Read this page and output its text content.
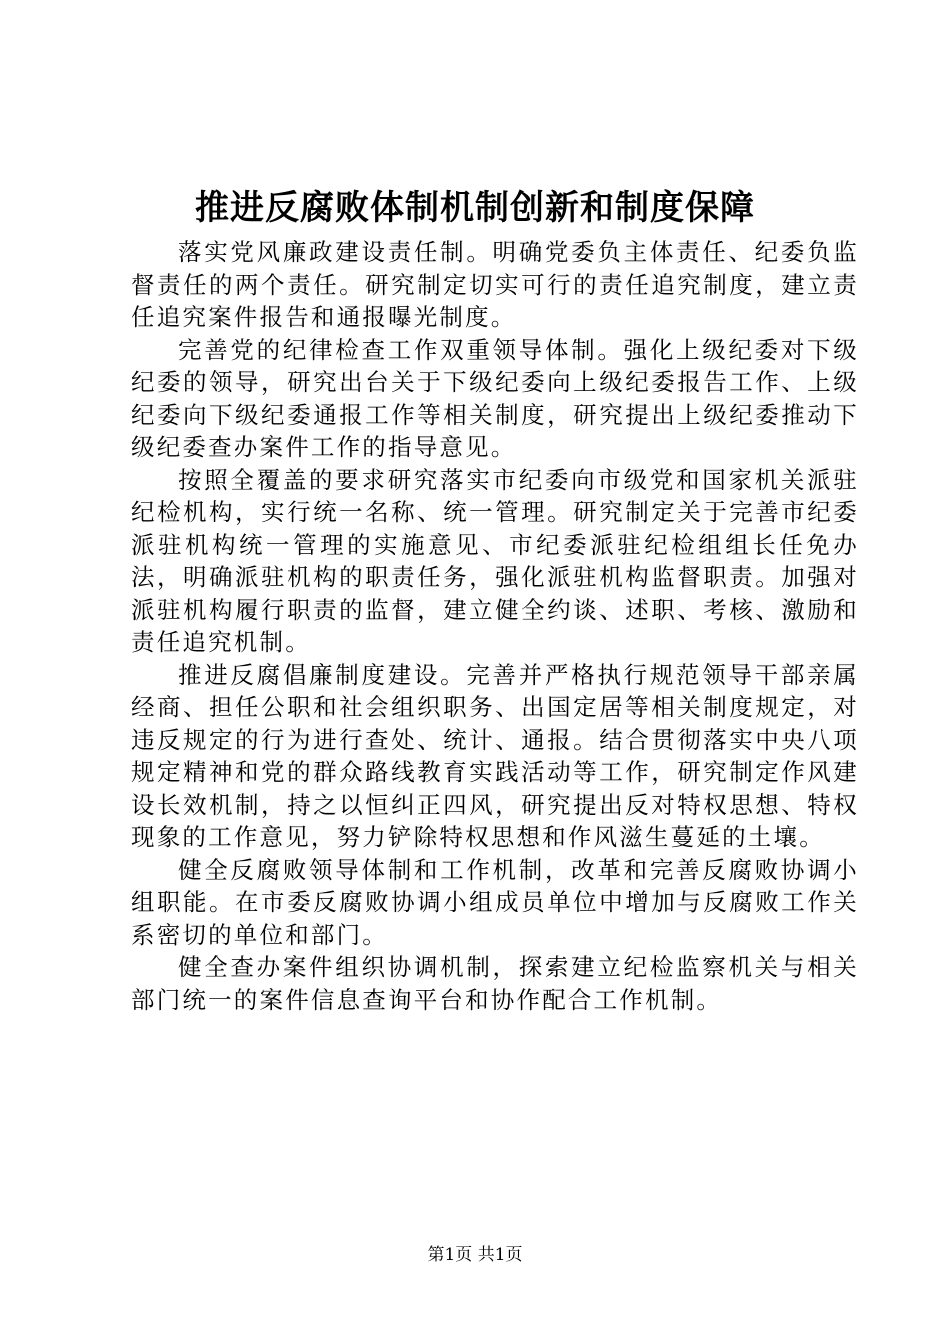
推进反腐败体制机制创新和制度保障

落实党风廉政建设责任制。明确党委负主体责任、纪委负监督责任的两个责任。研究制定切实可行的责任追究制度，建立责任追究案件报告和通报曝光制度。

完善党的纪律检查工作双重领导体制。强化上级纪委对下级纪委的领导，研究出台关于下级纪委向上级纪委报告工作、上级纪委向下级纪委通报工作等相关制度，研究提出上级纪委推动下级纪委查办案件工作的指导意见。

按照全覆盖的要求研究落实市纪委向市级党和国家机关派驻纪检机构，实行统一名称、统一管理。研究制定关于完善市纪委派驻机构统一管理的实施意见、市纪委派驻纪检组组长任免办法，明确派驻机构的职责任务，强化派驻机构监督职责。加强对派驻机构履行职责的监督，建立健全约谈、述职、考核、激励和责任追究机制。

推进反腐倡廉制度建设。完善并严格执行规范领导干部亲属经商、担任公职和社会组织职务、出国定居等相关制度规定，对违反规定的行为进行查处、统计、通报。结合贯彻落实中央八项规定精神和党的群众路线教育实践活动等工作，研究制定作风建设长效机制，持之以恒纠正四风，研究提出反对特权思想、特权现象的工作意见，努力铲除特权思想和作风滋生蔓延的土壤。

健全反腐败领导体制和工作机制，改革和完善反腐败协调小组职能。在市委反腐败协调小组成员单位中增加与反腐败工作关系密切的单位和部门。

健全查办案件组织协调机制，探索建立纪检监察机关与相关部门统一的案件信息查询平台和协作配合工作机制。

第1页 共1页
